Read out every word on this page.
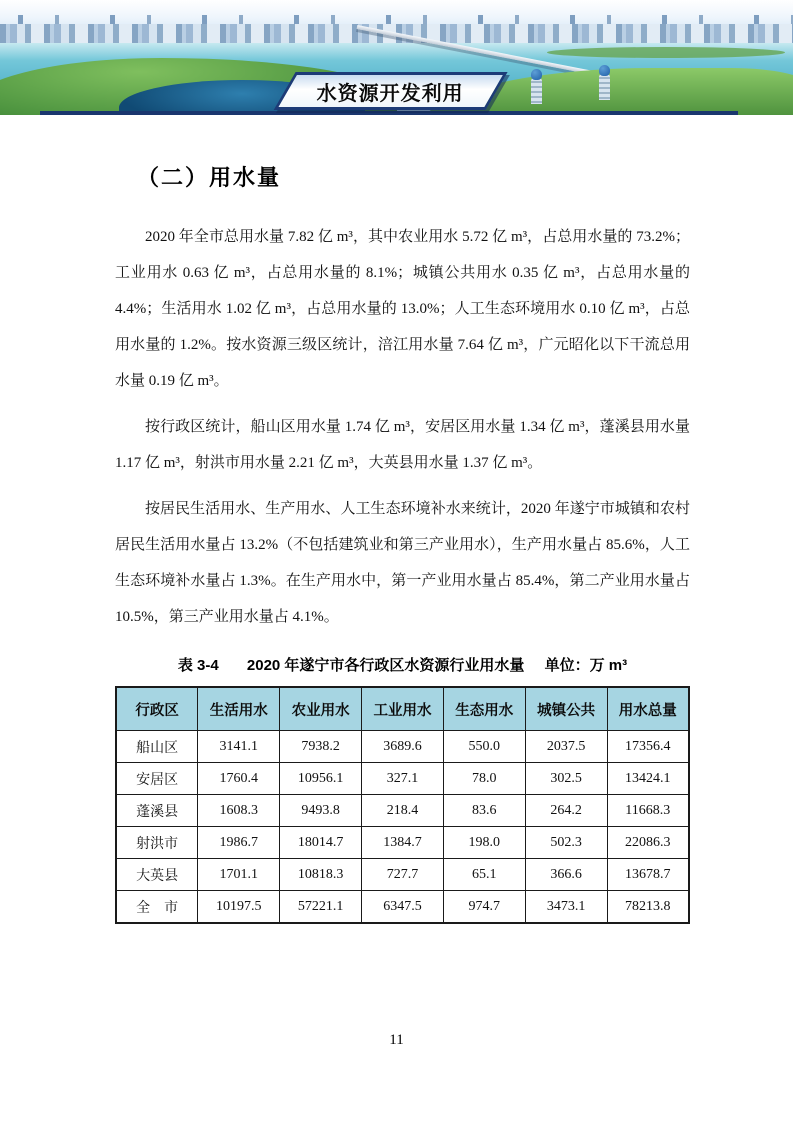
水资源开发利用
（二）用水量

2020 年全市总用水量 7.82 亿 m³，其中农业用水 5.72 亿 m³，占总用水量的 73.2%；工业用水 0.63 亿 m³，占总用水量的 8.1%；城镇公共用水 0.35 亿 m³，占总用水量的 4.4%；生活用水 1.02 亿 m³，占总用水量的 13.0%；人工生态环境用水 0.10 亿 m³，占总用水量的 1.2%。按水资源三级区统计，涪江用水量 7.64 亿 m³，广元昭化以下干流总用水量 0.19 亿 m³。

按行政区统计，船山区用水量 1.74 亿 m³，安居区用水量 1.34 亿 m³，蓬溪县用水量 1.17 亿 m³，射洪市用水量 2.21 亿 m³，大英县用水量 1.37 亿 m³。

按居民生活用水、生产用水、人工生态环境补水来统计，2020 年遂宁市城镇和农村居民生活用水量占 13.2%（不包括建筑业和第三产业用水），生产用水量占 85.6%，人工生态环境补水量占 1.3%。在生产用水中，第一产业用水量占 85.4%，第二产业用水量占 10.5%，第三产业用水量占 4.1%。

表 3-4 2020 年遂宁市各行政区水资源行业用水量 单位：万 m³
行政区	生活用水	农业用水	工业用水	生态用水	城镇公共	用水总量
船山区	3141.1	7938.2	3689.6	550.0	2037.5	17356.4
安居区	1760.4	10956.1	327.1	78.0	302.5	13424.1
蓬溪县	1608.3	9493.8	218.4	83.6	264.2	11668.3
射洪市	1986.7	18014.7	1384.7	198.0	502.3	22086.3
大英县	1701.1	10818.3	727.7	65.1	366.6	13678.7
全　市	10197.5	57221.1	6347.5	974.7	3473.1	78213.8
11
